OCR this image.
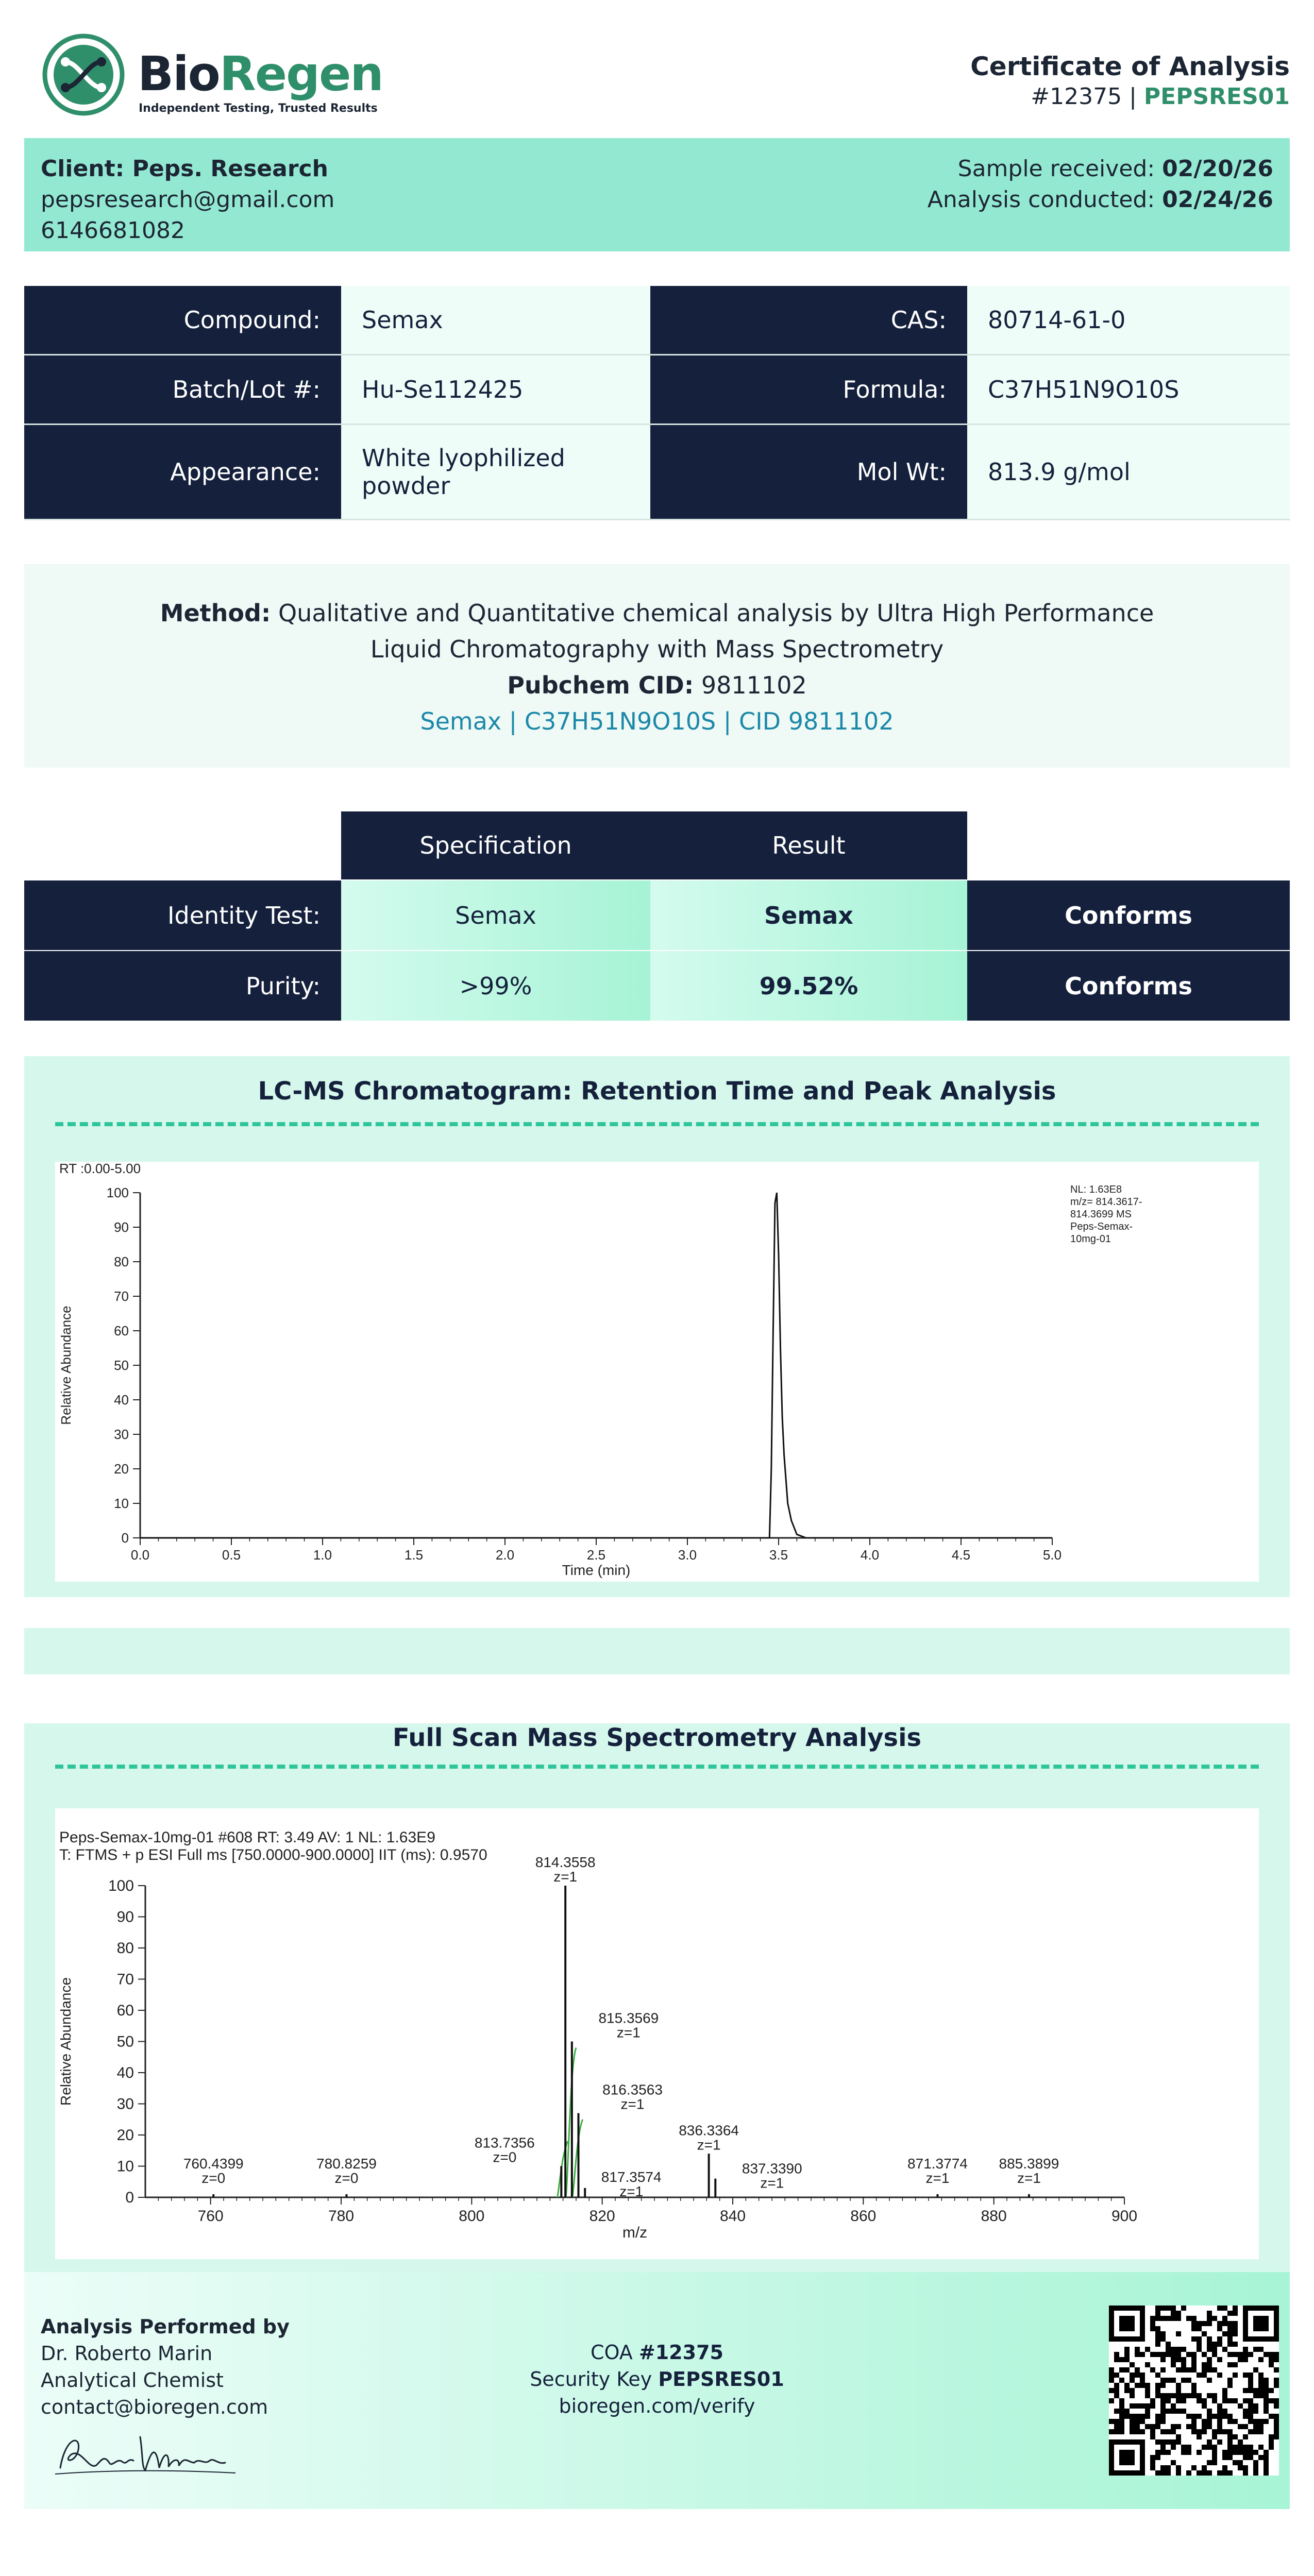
BioRegen
Independent Testing, Trusted Results
Certificate of Analysis
#12375 | PEPSRES01
Client: Peps. Research
pepsresearch@gmail.com
6146681082
Sample received: 02/20/26
Analysis conducted: 02/24/26
Compound:	Semax	CAS:	80714-61-0
Batch/Lot #:	Hu-Se112425	Formula:	C37H51N9O10S
Appearance:	White lyophilized powder	Mol Wt:	813.9 g/mol
Method: Qualitative and Quantitative chemical analysis by Ultra High Performance Liquid Chromatography with Mass Spectrometry
Pubchem CID: 9811102
Semax | C37H51N9O10S | CID 9811102
Specification	Result
Identity Test:	Semax	Semax	Conforms
Purity:	>99%	99.52%	Conforms
LC-MS Chromatogram: Retention Time and Peak Analysis
RT :0.00-5.00
0
10
20
30
40
50
60
70
80
90
100
0.0	0.5	1.0	1.5	2.0	2.5	3.0	3.5	4.0	4.5	5.0
Time (min)
Relative Abundance
NL: 1.63E8
m/z= 814.3617-
814.3699 MS
Peps-Semax-
10mg-01
Full Scan Mass Spectrometry Analysis
Peps-Semax-10mg-01 #608 RT: 3.49 AV: 1 NL: 1.63E9
T: FTMS + p ESI Full ms [750.0000-900.0000] IIT (ms): 0.9570
0
10
20
30
40
50
60
70
80
90
100
760	780	800	820	840	860	880	900
m/z
Relative Abundance
814.3558
z=1
815.3569
z=1
816.3563
z=1
813.7356
z=0
817.3574
z=1
836.3364
z=1
837.3390
z=1
760.4399
z=0
780.8259
z=0
871.3774
z=1
885.3899
z=1
Analysis Performed by
Dr. Roberto Marin
Analytical Chemist
contact@bioregen.com
COA #12375
Security Key PEPSRES01
bioregen.com/verify
